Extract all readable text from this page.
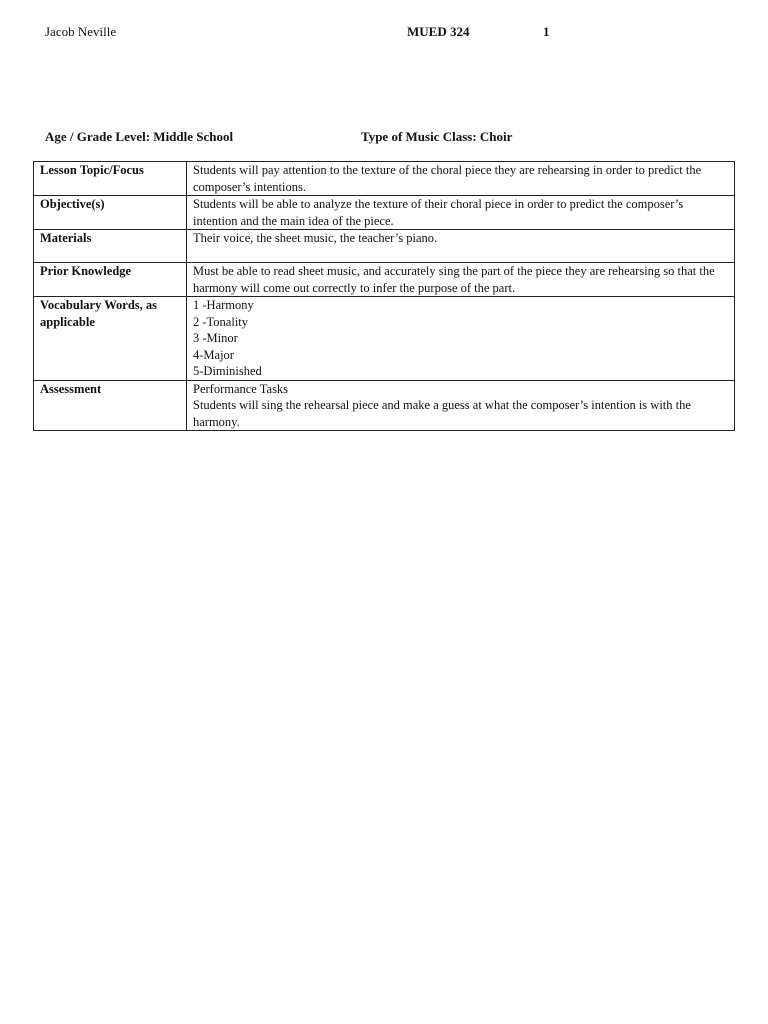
Jacob Neville	MUED 324	1
Age / Grade Level: Middle School	Type of Music Class: Choir
Lesson Topic/Focus	Students will pay attention to the texture of the choral piece they are rehearsing in order to predict the composer’s intentions.

Objective(s)	Students will be able to analyze the texture of their choral piece in order to predict the composer’s intention and the main idea of the piece.

Materials	Their voice, the sheet music, the teacher’s piano.

Prior Knowledge	Must be able to read sheet music, and accurately sing the part of the piece they are rehearsing so that the harmony will come out correctly to infer the purpose of the part.

Vocabulary Words, as applicable	1 -Harmony
2 -Tonality
3 -Minor
4-Major
5-Diminished

Assessment	Performance Tasks
Students will sing the rehearsal piece and make a guess at what the composer’s intention is with the harmony.
